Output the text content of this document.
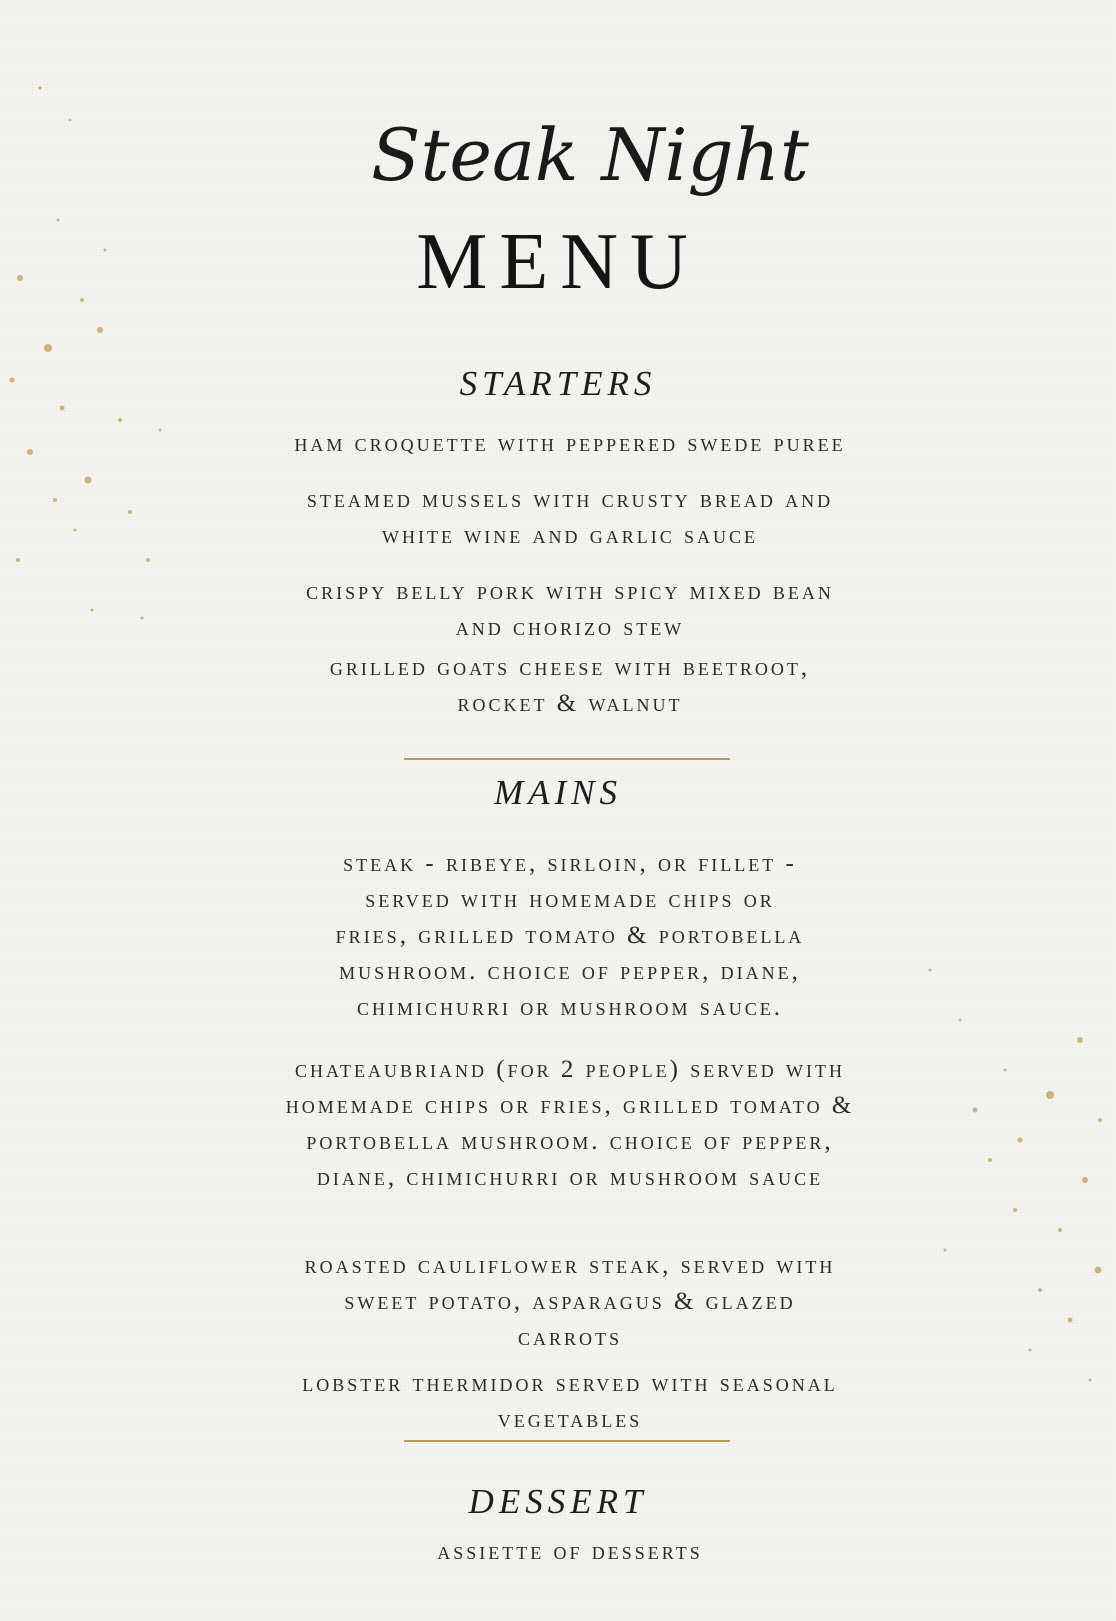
Steak Night
MENU
STARTERS
ham croquette with peppered swede puree
steamed mussels with crusty bread and
white wine and garlic sauce
crispy belly pork with spicy mixed bean
and chorizo stew
grilled goats cheese with beetroot,
rocket & walnut
MAINS
steak - ribeye, sirloin, or fillet -
served with homemade chips or
fries, grilled tomato & portobella
mushroom. choice of pepper, diane,
chimichurri or mushroom sauce.
chateaubriand (for 2 people) served with
homemade chips or fries, grilled tomato &
portobella mushroom. choice of pepper,
diane, chimichurri or mushroom sauce
roasted cauliflower steak, served with
sweet potato, asparagus & glazed
carrots
lobster thermidor served with seasonal
vegetables
DESSERT
assiette of desserts
